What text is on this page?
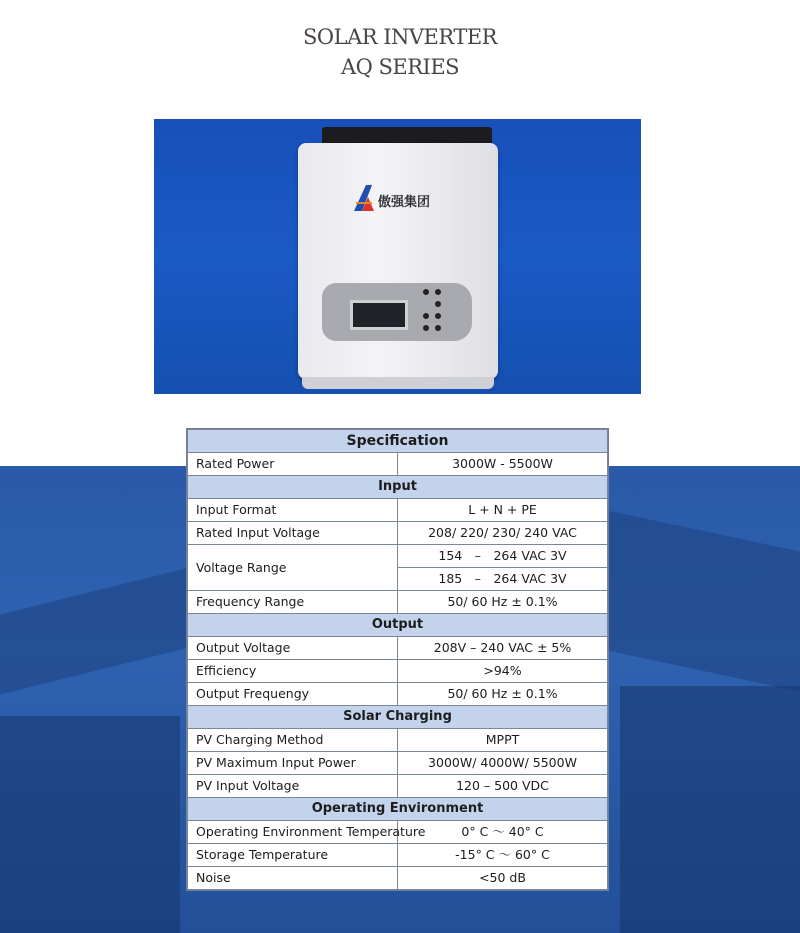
SOLAR INVERTER
AQ SERIES
傲强集团
Specification	
Rated Power	3000W - 5500W
Input	
Input Format	L + N + PE
Rated Input Voltage	208/ 220/ 230/ 240 VAC
Voltage Range	154　–　264 VAC 3V
	185　–　264 VAC 3V
Frequency Range	50/ 60 Hz ± 0.1%
Output	
Output Voltage	208V – 240 VAC ± 5%
Efficiency	>94%
Output Frequengy	50/ 60 Hz ± 0.1%
Solar Charging	
PV Charging Method	MPPT
PV Maximum Input Power	3000W/ 4000W/ 5500W
PV Input Voltage	120 – 500 VDC
Operating Environment	
Operating Environment Temperature	0° C ～ 40° C
Storage Temperature	-15° C ～ 60° C
Noise	<50 dB
